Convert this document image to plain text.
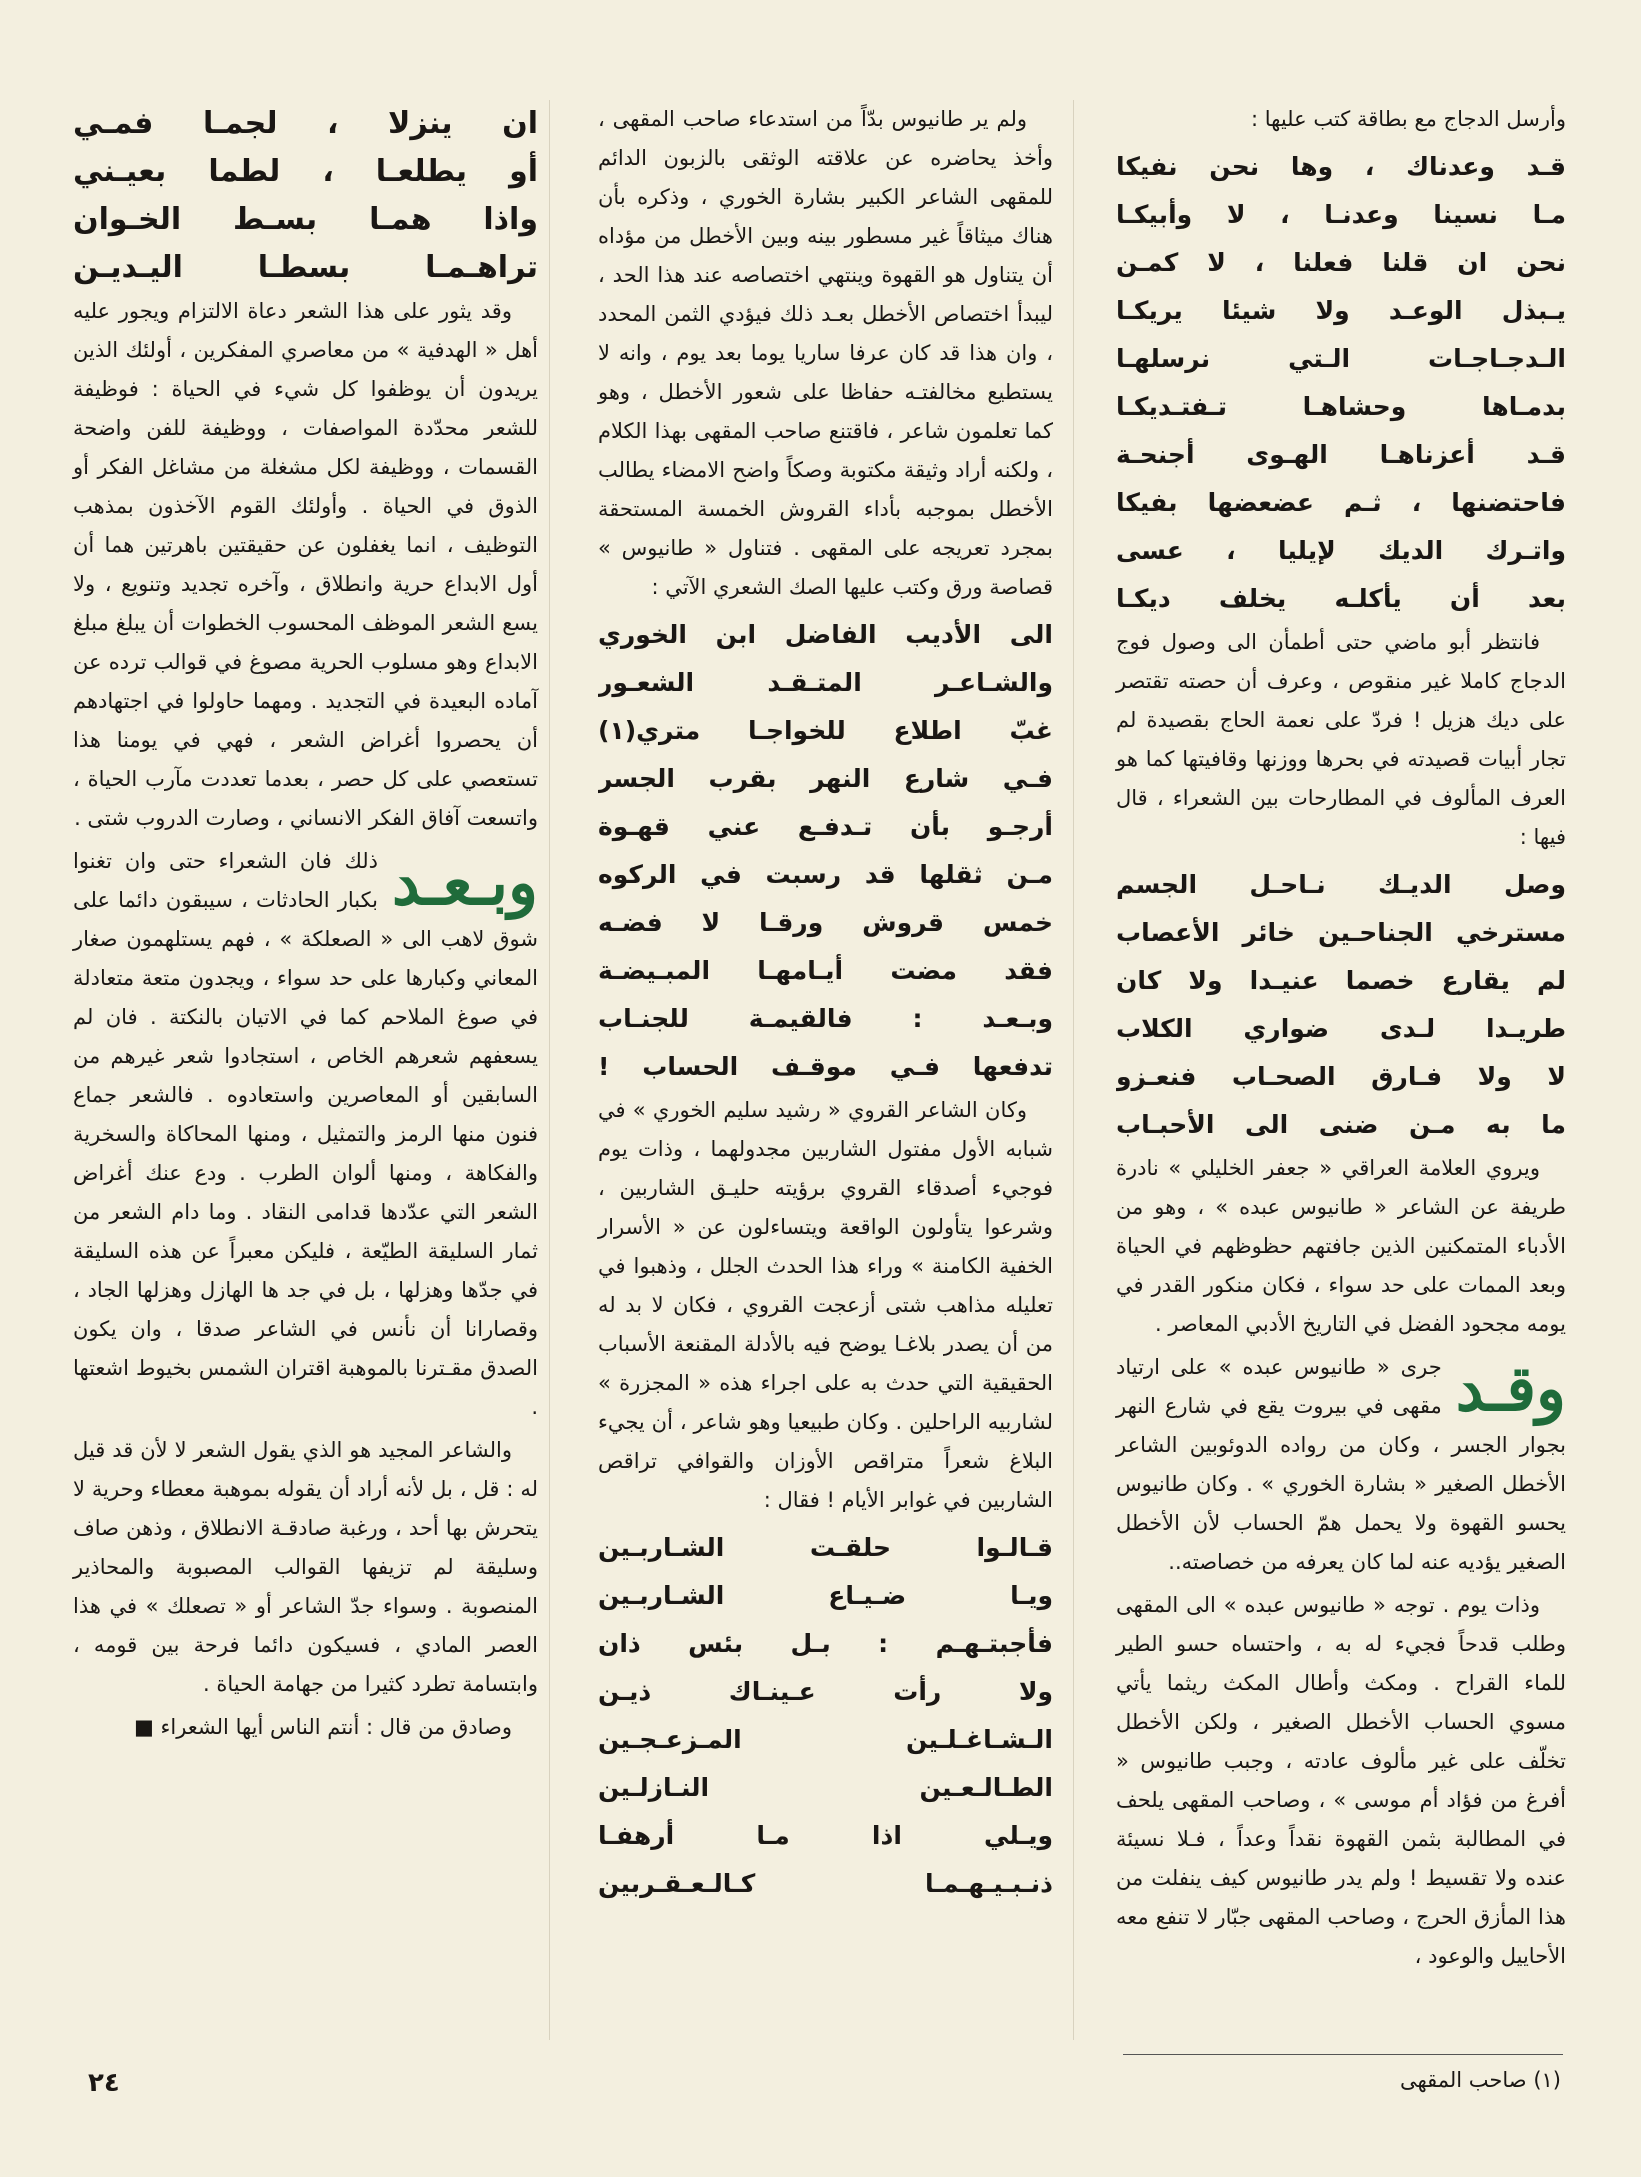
وأرسل الدجاج مع بطاقة كتب عليها :

قـد وعدناك ، وها نحن نفيكا

مـا نسينا وعدنـا ، لا وأبيكـا

نحن ان قلنا فعلنا ، لا كمـن

يـبذل الوعـد ولا شيئا يريكـا

الـدجـاجـات الـتي نرسلهـا

بدمـاها وحشاهـا تـفتـديكـا

قـد أعزناهـا الهـوى أجنحـة

فاحتضنها ، ثـم عضعضها بفيكا

واتـرك الديك لإيليا ، عسى

بعد أن يأكلـه يخلف ديكـا

فانتظر أبو ماضي حتى أطمأن الى وصول فوج الدجاج كاملا غير منقوص ، وعرف أن حصته تقتصر على ديك هزيل ! فردّ على نعمة الحاج بقصيدة لم تجار أبيات قصيدته في بحرها ووزنها وقافيتها كما هو العرف المألوف في المطارحات بين الشعراء ، قال فيها :

وصل الديـك نـاحـل الجسم

مسترخي الجناحـين خائر الأعصاب

لم يقارع خصما عنيـدا ولا كان

طريـدا لـدى ضواري الكلاب

لا ولا فـارق الصحـاب فنعـزو

ما به مـن ضنى الى الأحبـاب

ويروي العلامة العراقي « جعفر الخليلي » نادرة طريفة عن الشاعر « طانيوس عبده » ، وهو من الأدباء المتمكنين الذين جافتهم حظوظهم في الحياة وبعد الممات على حد سواء ، فكان منكور القدر في يومه مجحود الفضل في التاريخ الأدبي المعاصر .

وقـد

جرى « طانيوس عبده » على ارتياد مقهى في بيروت يقع في شارع النهر بجوار الجسر ، وكان من رواده الدوئوبين الشاعر الأخطل الصغير « بشارة الخوري » . وكان طانيوس يحسو القهوة ولا يحمل همّ الحساب لأن الأخطل الصغير يؤديه عنه لما كان يعرفه من خصاصته..

وذات يوم . توجه « طانيوس عبده » الى المقهى وطلب قدحاً فجيء له به ، واحتساه حسو الطير للماء القراح . ومكث وأطال المكث ريثما يأتي مسوي الحساب الأخطل الصغير ، ولكن الأخطل تخلّف على غير مألوف عادته ، وجبب طانيوس « أفرغ من فؤاد أم موسى » ، وصاحب المقهى يلحف في المطالبة بثمن القهوة نقداً وعداً ، فـلا نسيئة عنده ولا تقسيط ! ولم يدر طانيوس كيف ينفلت من هذا المأزق الحرج ، وصاحب المقهى جبّار لا تنفع معه الأحاييل والوعود ،

ولم ير طانيوس بدّاً من استدعاء صاحب المقهى ، وأخذ يحاضره عن علاقته الوثقى بالزبون الدائم للمقهى الشاعر الكبير بشارة الخوري ، وذكره بأن هناك ميثاقاً غير مسطور بينه وبين الأخطل من مؤداه أن يتناول هو القهوة وينتهي اختصاصه عند هذا الحد ، ليبدأ اختصاص الأخطل بعـد ذلك فيؤدي الثمن المحدد ، وان هذا قد كان عرفا ساريا يوما بعد يوم ، وانه لا يستطيع مخالفتـه حفاظا على شعور الأخطل ، وهو كما تعلمون شاعر ، فاقتنع صاحب المقهى بهذا الكلام ، ولكنه أراد وثيقة مكتوبة وصكاً واضح الامضاء يطالب الأخطل بموجبه بأداء القروش الخمسة المستحقة بمجرد تعريجه على المقهى . فتناول « طانيوس » قصاصة ورق وكتب عليها الصك الشعري الآتي :

الى الأديب الفاضل ابن الخوري

والشـاعـر المتـقـد الشعـور

غبّ اطلاع للخواجـا متري(١)

فـي شارع النهر بقرب الجسر

أرجـو بأن تـدفـع عني قهـوة

مـن ثقلها قد رسبت في الركوه

خمس قروش ورقـا لا فضـه

فقد مضت أيـامهـا المبـيضـة

وبـعـد : فالقيمـة للجنـاب

تدفعها فـي موقـف الحساب !

وكان الشاعر القروي « رشيد سليم الخوري » في شبابه الأول مفتول الشاربين مجدولهما ، وذات يوم فوجيء أصدقاء القروي برؤيته حليـق الشاربين ، وشرعوا يتأولون الواقعة ويتساءلون عن « الأسرار الخفية الكامنة » وراء هذا الحدث الجلل ، وذهبوا في تعليله مذاهب شتى أزعجت القروي ، فكان لا بد له من أن يصدر بلاغـا يوضح فيه بالأدلة المقنعة الأسباب الحقيقية التي حدث به على اجراء هذه « المجزرة » لشاربيه الراحلين . وكان طبيعيا وهو شاعر ، أن يجيء البلاغ شعراً متراقص الأوزان والقوافي تراقص الشاربين في غوابر الأيام ! فقال :

قـالـوا حلقـت الشـاربـين

ويـا ضـيـاع الشـاربـين

فأجبتـهـم : بـل بئس ذان

ولا رأت عـينـاك ذيـن

الـشـاغـلـين المـزعـجـين

الطـالـعـين النـازلـين

ويـلي اذا مـا أرهفـا

ذنـبـيـهـمـا كـالـعـقـربين

ان ينزلا ، لجمـا فمـي

أو يطلعـا ، لطما بعيـني

واذا همـا بسـط الخـوان

تراهـمـا بسطـا اليـديـن

وقد يثور على هذا الشعر دعاة الالتزام ويجور عليه أهل « الهدفية » من معاصري المفكرين ، أولئك الذين يريدون أن يوظفوا كل شيء في الحياة : فوظيفة للشعر محدّدة المواصفات ، ووظيفة للفن واضحة القسمات ، ووظيفة لكل مشغلة من مشاغل الفكر أو الذوق في الحياة . وأولئك القوم الآخذون بمذهب التوظيف ، انما يغفلون عن حقيقتين باهرتين هما أن أول الابداع حرية وانطلاق ، وآخره تجديد وتنويع ، ولا يسع الشعر الموظف المحسوب الخطوات أن يبلغ مبلغ الابداع وهو مسلوب الحرية مصوغ في قوالب ترده عن آماده البعيدة في التجديد . ومهما حاولوا في اجتهادهم أن يحصروا أغراض الشعر ، فهي في يومنا هذا تستعصي على كل حصر ، بعدما تعددت مآرب الحياة ، واتسعت آفاق الفكر الانساني ، وصارت الدروب شتى .

وبـعـد

ذلك فان الشعراء حتى وان تغنوا بكبار الحادثات ، سيبقون دائما على شوق لاهب الى « الصعلكة » ، فهم يستلهمون صغار المعاني وكبارها على حد سواء ، ويجدون متعة متعادلة في صوغ الملاحم كما في الاتيان بالنكتة . فان لم يسعفهم شعرهم الخاص ، استجادوا شعر غيرهم من السابقين أو المعاصرين واستعادوه . فالشعر جماع فنون منها الرمز والتمثيل ، ومنها المحاكاة والسخرية والفكاهة ، ومنها ألوان الطرب . ودع عنك أغراض الشعر التي عدّدها قدامى النقاد . وما دام الشعر من ثمار السليقة الطيّعة ، فليكن معبراً عن هذه السليقة في جدّها وهزلها ، بل في جد ها الهازل وهزلها الجاد ، وقصارانا أن نأنس في الشاعر صدقا ، وان يكون الصدق مقـترنا بالموهبة اقتران الشمس بخيوط اشعتها .

والشاعر المجيد هو الذي يقول الشعر لا لأن قد قيل له : قل ، بل لأنه أراد أن يقوله بموهبة معطاء وحرية لا يتحرش بها أحد ، ورغبة صادقـة الانطلاق ، وذهن صاف وسليقة لم تزيفها القوالب المصبوبة والمحاذير المنصوبة . وسواء جدّ الشاعر أو « تصعلك » في هذا العصر المادي ، فسيكون دائما فرحة بين قومه ، وابتسامة تطرد كثيرا من جهامة الحياة .

وصادق من قال : أنتم الناس أيها الشعراء ■

(١) صاحب المقهى
٢٤
